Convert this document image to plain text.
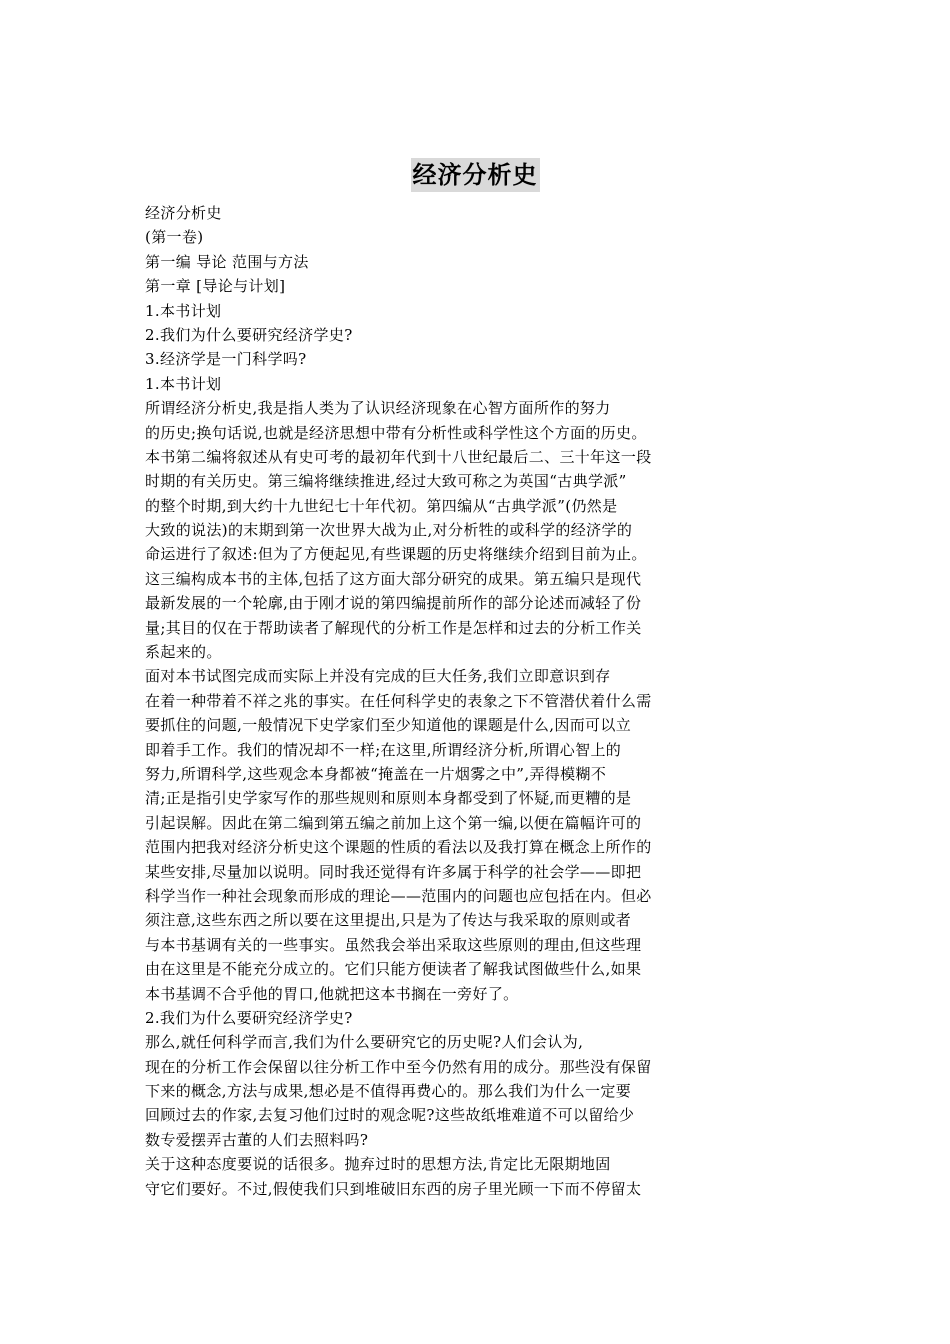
经济分析史
经济分析史
(第一卷)
第一编 导论 范围与方法
第一章 [导论与计划]
1.本书计划
2.我们为什么要研究经济学史?
3.经济学是一门科学吗?
1.本书计划
所谓经济分析史,我是指人类为了认识经济现象在心智方面所作的努力
的历史;换句话说,也就是经济思想中带有分析性或科学性这个方面的历史。
本书第二编将叙述从有史可考的最初年代到十八世纪最后二、三十年这一段
时期的有关历史。第三编将继续推进,经过大致可称之为英国“古典学派”
的整个时期,到大约十九世纪七十年代初。第四编从“古典学派”(仍然是
大致的说法)的末期到第一次世界大战为止,对分析牲的或科学的经济学的
命运进行了叙述:但为了方便起见,有些课题的历史将继续介绍到目前为止。
这三编构成本书的主体,包括了这方面大部分研究的成果。第五编只是现代
最新发展的一个轮廓,由于刚才说的第四编提前所作的部分论述而减轻了份
量;其目的仅在于帮助读者了解现代的分析工作是怎样和过去的分析工作关
系起来的。
面对本书试图完成而实际上并没有完成的巨大任务,我们立即意识到存
在着一种带着不祥之兆的事实。在任何科学史的表象之下不管潜伏着什么需
要抓住的问题,一般情况下史学家们至少知道他的课题是什么,因而可以立
即着手工作。我们的情况却不一样;在这里,所谓经济分析,所谓心智上的
努力,所谓科学,这些观念本身都被“掩盖在一片烟雾之中”,弄得模糊不
清;正是指引史学家写作的那些规则和原则本身都受到了怀疑,而更糟的是
引起误解。因此在第二编到第五编之前加上这个第一编,以便在篇幅许可的
范围内把我对经济分析史这个课题的性质的看法以及我打算在概念上所作的
某些安排,尽量加以说明。同时我还觉得有许多属于科学的社会学——即把
科学当作一种社会现象而形成的理论——范围内的问题也应包括在内。但必
须注意,这些东西之所以要在这里提出,只是为了传达与我采取的原则或者
与本书基调有关的一些事实。虽然我会举出采取这些原则的理由,但这些理
由在这里是不能充分成立的。它们只能方便读者了解我试图做些什么,如果
本书基调不合乎他的胃口,他就把这本书搁在一旁好了。
2.我们为什么要研究经济学史?
那么,就任何科学而言,我们为什么要研究它的历史呢?人们会认为,
现在的分析工作会保留以往分析工作中至今仍然有用的成分。那些没有保留
下来的概念,方法与成果,想必是不值得再费心的。那么我们为什么一定要
回顾过去的作家,去复习他们过时的观念呢?这些故纸堆难道不可以留给少
数专爱摆弄古董的人们去照料吗?
关于这种态度要说的话很多。抛弃过时的思想方法,肯定比无限期地固
守它们要好。不过,假使我们只到堆破旧东西的房子里光顾一下而不停留太
